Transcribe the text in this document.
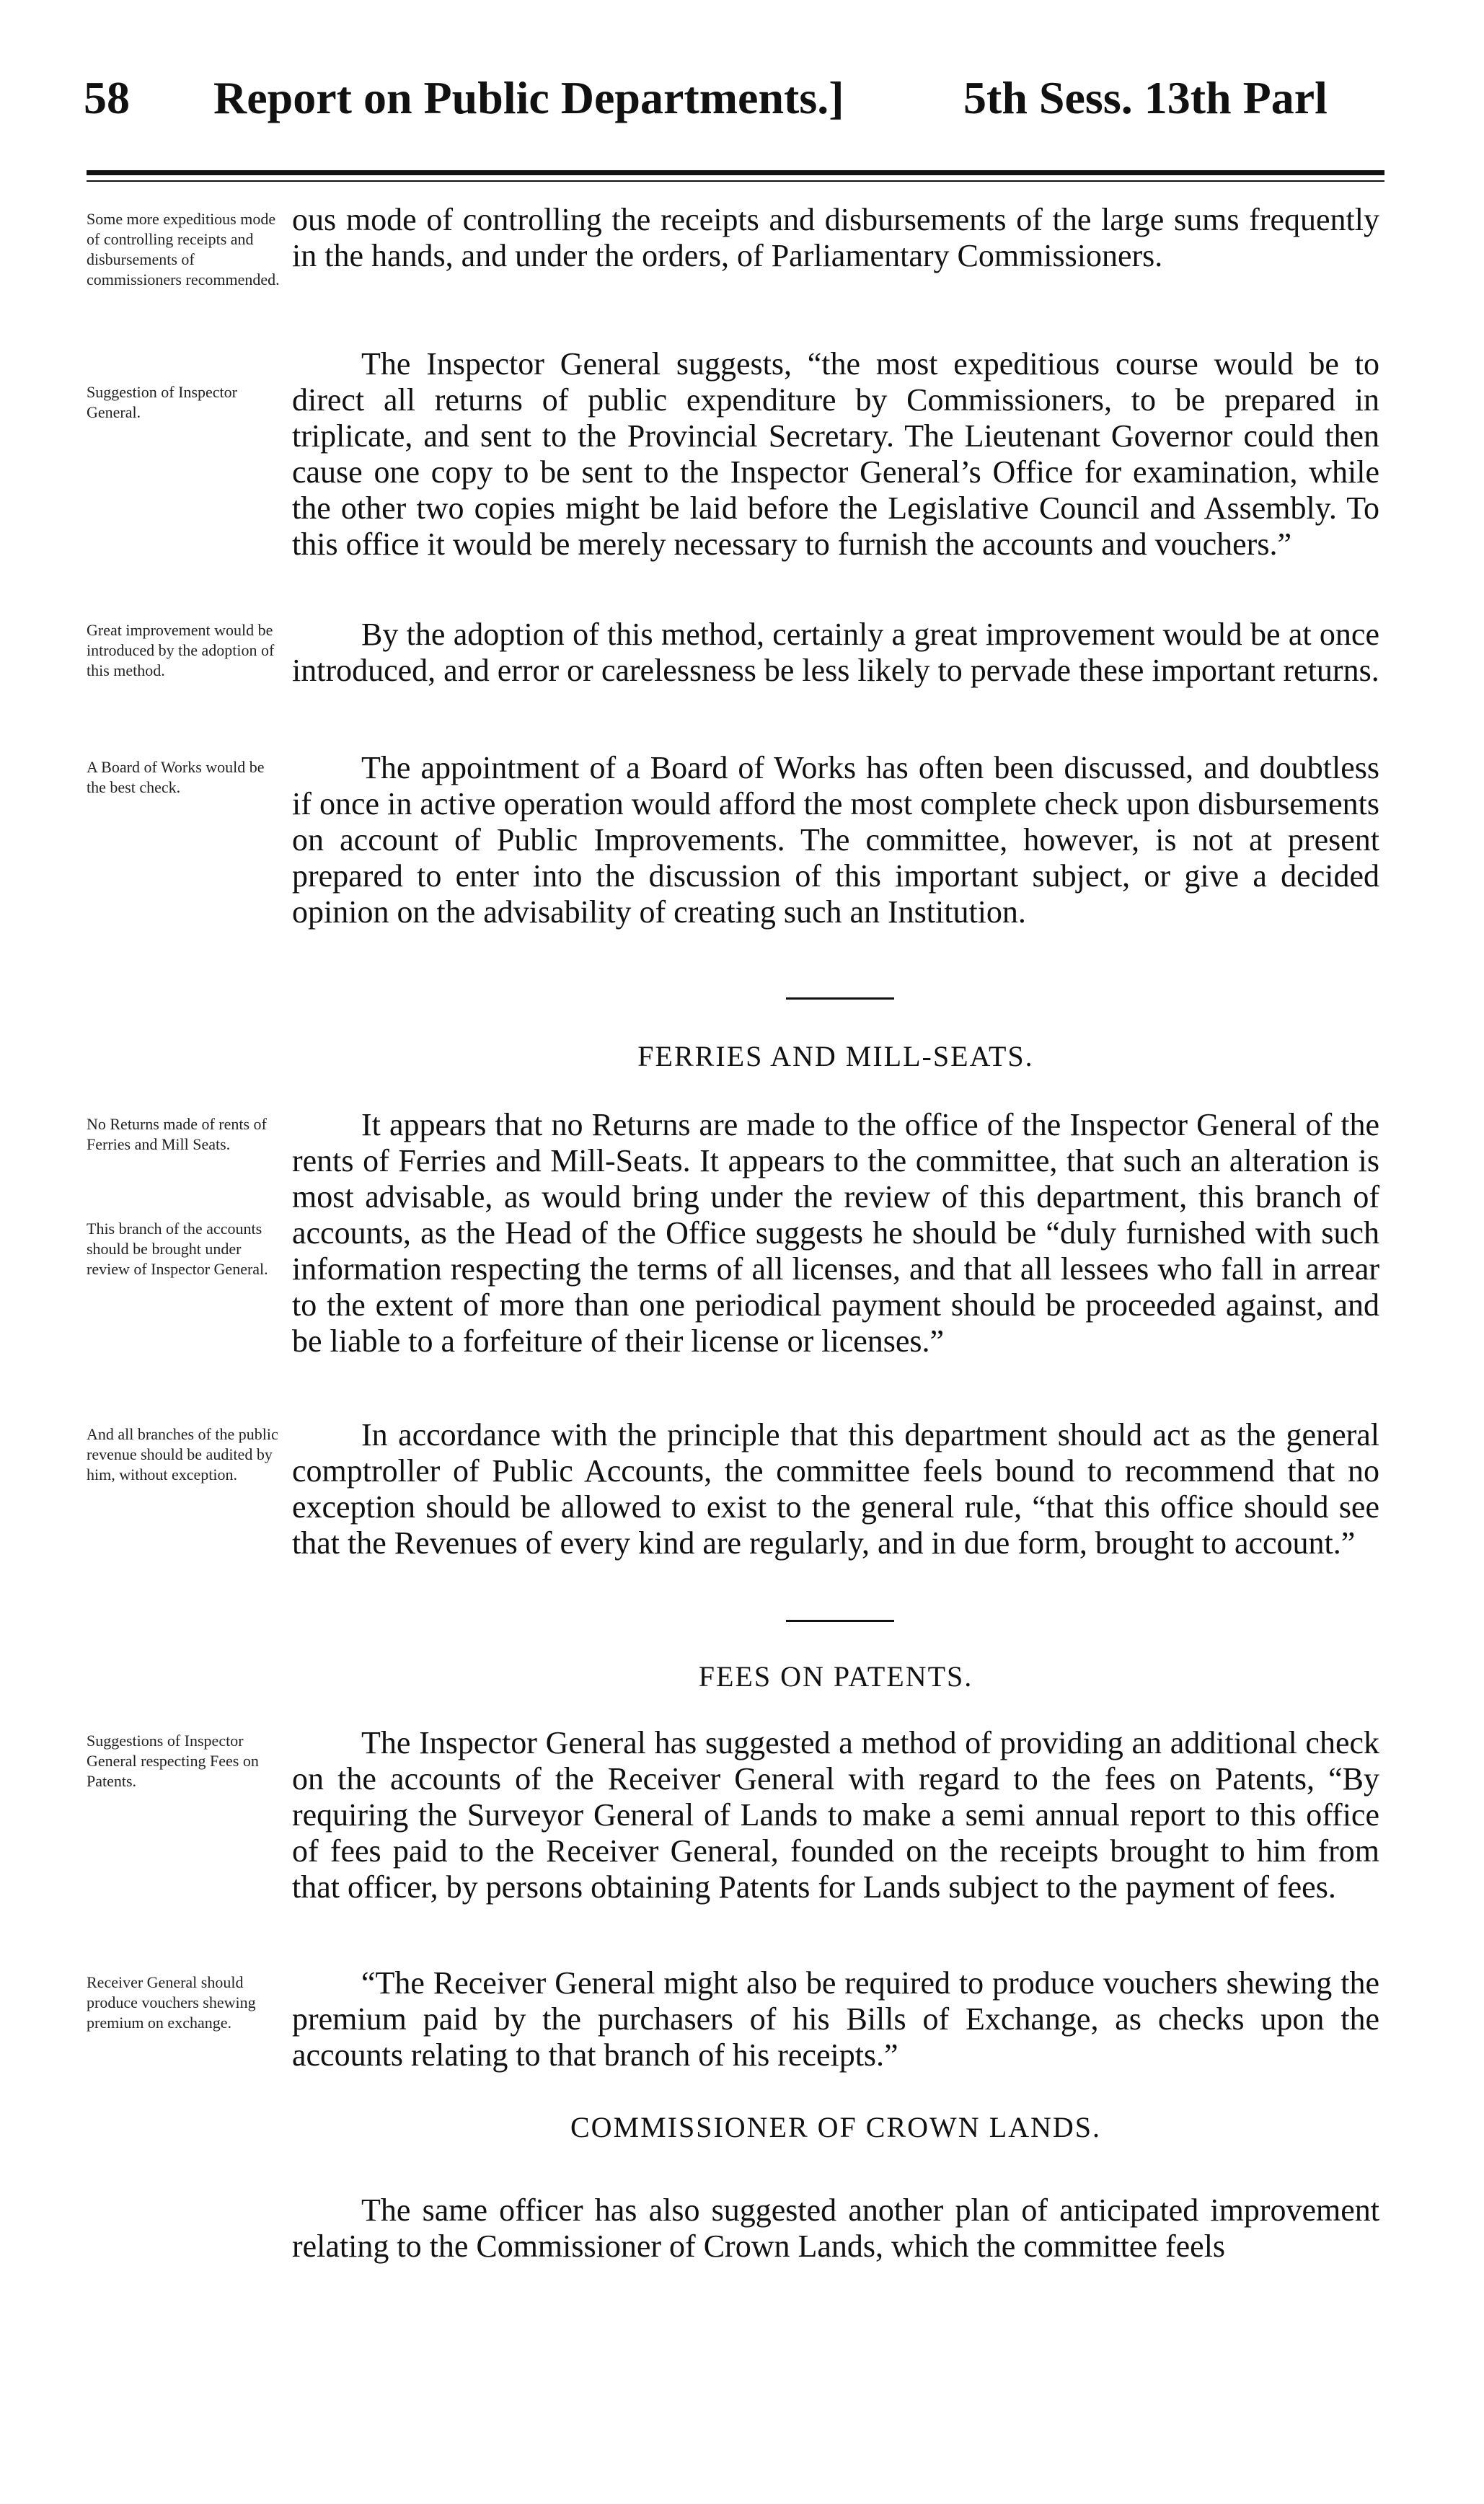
58 Report on Public Departments.]	5th Sess. 13th Parl
Some more expeditious mode of controlling receipts and disbursements of commissioners recommended.
ous mode of controlling the receipts and disbursements of the large sums frequently in the hands, and under the orders, of Parliamentary Commissioners.
Suggestion of Inspector General.
The Inspector General suggests, “the most expeditious course would be to direct all returns of public expenditure by Commissioners, to be prepared in triplicate, and sent to the Provincial Secretary. The Lieutenant Governor could then cause one copy to be sent to the Inspector General’s Office for examination, while the other two copies might be laid before the Legislative Council and Assembly. To this office it would be merely necessary to furnish the accounts and vouchers.”
Great improvement would be introduced by the adoption of this method.
By the adoption of this method, certainly a great improvement would be at once introduced, and error or carelessness be less likely to pervade these important returns.
A Board of Works would be the best check.
The appointment of a Board of Works has often been discussed, and doubtless if once in active operation would afford the most complete check upon disbursements on account of Public Improvements. The committee, however, is not at present prepared to enter into the discussion of this important subject, or give a decided opinion on the advisability of creating such an Institution.
FERRIES AND MILL-SEATS.
No Returns made of rents of Ferries and Mill Seats.
This branch of the accounts should be brought under review of Inspector General.
It appears that no Returns are made to the office of the Inspector General of the rents of Ferries and Mill-Seats. It appears to the committee, that such an alteration is most advisable, as would bring under the review of this department, this branch of accounts, as the Head of the Office suggests he should be “duly furnished with such information respecting the terms of all licenses, and that all lessees who fall in arrear to the extent of more than one periodical payment should be proceeded against, and be liable to a forfeiture of their license or licenses.”
And all branches of the public revenue should be audited by him, without exception.
In accordance with the principle that this department should act as the general comptroller of Public Accounts, the committee feels bound to recommend that no exception should be allowed to exist to the general rule, “that this office should see that the Revenues of every kind are regularly, and in due form, brought to account.”
FEES ON PATENTS.
Suggestions of Inspector General respecting Fees on Patents.
The Inspector General has suggested a method of providing an additional check on the accounts of the Receiver General with regard to the fees on Patents, “By requiring the Surveyor General of Lands to make a semi annual report to this office of fees paid to the Receiver General, founded on the receipts brought to him from that officer, by persons obtaining Patents for Lands subject to the payment of fees.
Receiver General should produce vouchers shewing premium on exchange.
“The Receiver General might also be required to produce vouchers shewing the premium paid by the purchasers of his Bills of Exchange, as checks upon the accounts relating to that branch of his receipts.”
COMMISSIONER OF CROWN LANDS.
The same officer has also suggested another plan of anticipated improvement relating to the Commissioner of Crown Lands, which the committee feels
